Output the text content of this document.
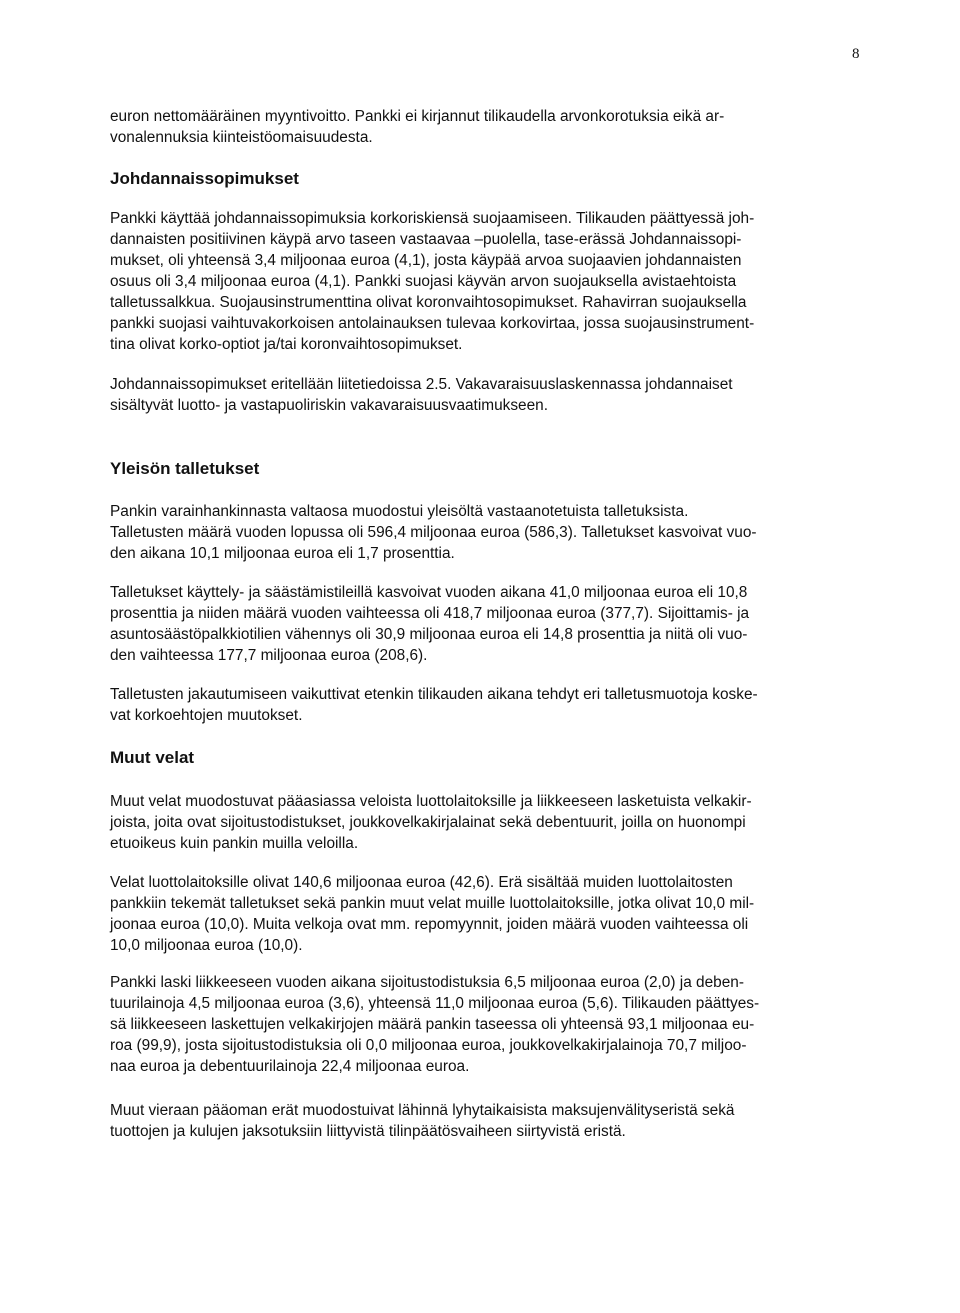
8
euron nettomääräinen myyntivoitto. Pankki ei kirjannut tilikaudella arvonkorotuksia eikä ar-
vonalennuksia kiinteistöomaisuudesta.
Johdannaissopimukset
Pankki käyttää johdannaissopimuksia korkoriskiensä suojaamiseen. Tilikauden päättyessä joh-
dannaisten positiivinen käypä arvo taseen vastaavaa –puolella, tase-erässä Johdannaissopi-
mukset, oli yhteensä 3,4 miljoonaa euroa (4,1), josta käypää arvoa suojaavien johdannaisten
osuus oli 3,4 miljoonaa euroa (4,1). Pankki suojasi käyvän arvon suojauksella avistaehtoista
talletussalkkua. Suojausinstrumenttina olivat koronvaihtosopimukset. Rahavirran suojauksella
pankki suojasi vaihtuvakorkoisen antolainauksen tulevaa korkovirtaa, jossa suojausinstrument-
tina olivat korko-optiot ja/tai koronvaihtosopimukset.
Johdannaissopimukset eritellään liitetiedoissa 2.5. Vakavaraisuuslaskennassa johdannaiset
sisältyvät luotto- ja vastapuoliriskin vakavaraisuusvaatimukseen.
Yleisön talletukset
Pankin varainhankinnasta valtaosa muodostui yleisöltä vastaanotetuista talletuksista.
Talletusten määrä vuoden lopussa oli 596,4 miljoonaa euroa (586,3). Talletukset kasvoivat vuo-
den aikana 10,1 miljoonaa euroa eli 1,7 prosenttia.
Talletukset käyttely- ja säästämistileillä kasvoivat vuoden aikana 41,0 miljoonaa euroa eli 10,8
prosenttia ja niiden määrä vuoden vaihteessa oli 418,7 miljoonaa euroa (377,7). Sijoittamis- ja
asuntosäästöpalkkiotilien vähennys oli 30,9 miljoonaa euroa eli 14,8 prosenttia ja niitä oli vuo-
den vaihteessa 177,7 miljoonaa euroa (208,6).
Talletusten jakautumiseen vaikuttivat etenkin tilikauden aikana tehdyt eri talletusmuotoja koske-
vat korkoehtojen muutokset.
Muut velat
Muut velat muodostuvat pääasiassa veloista luottolaitoksille ja liikkeeseen lasketuista velkakir-
joista, joita ovat sijoitustodistukset, joukkovelkakirjalainat sekä debentuurit, joilla on huonompi
etuoikeus kuin pankin muilla veloilla.
Velat luottolaitoksille olivat 140,6 miljoonaa euroa (42,6). Erä sisältää muiden luottolaitosten
pankkiin tekemät talletukset sekä pankin muut velat muille luottolaitoksille, jotka olivat 10,0 mil-
joonaa euroa (10,0). Muita velkoja ovat mm. repomyynnit, joiden määrä vuoden vaihteessa oli
10,0 miljoonaa euroa (10,0).
Pankki laski liikkeeseen vuoden aikana sijoitustodistuksia 6,5 miljoonaa euroa (2,0) ja deben-
tuurilainoja 4,5 miljoonaa euroa (3,6), yhteensä 11,0 miljoonaa euroa (5,6). Tilikauden päättyes-
sä liikkeeseen laskettujen velkakirjojen määrä pankin taseessa oli yhteensä 93,1 miljoonaa eu-
roa (99,9), josta sijoitustodistuksia oli 0,0 miljoonaa euroa, joukkovelkakirjalainoja 70,7 miljoo-
naa euroa ja debentuurilainoja 22,4 miljoonaa euroa.
Muut vieraan pääoman erät muodostuivat lähinnä lyhytaikaisista maksujenvälityseristä sekä
tuottojen ja kulujen jaksotuksiin liittyvistä tilinpäätösvaiheen siirtyvistä eristä.
